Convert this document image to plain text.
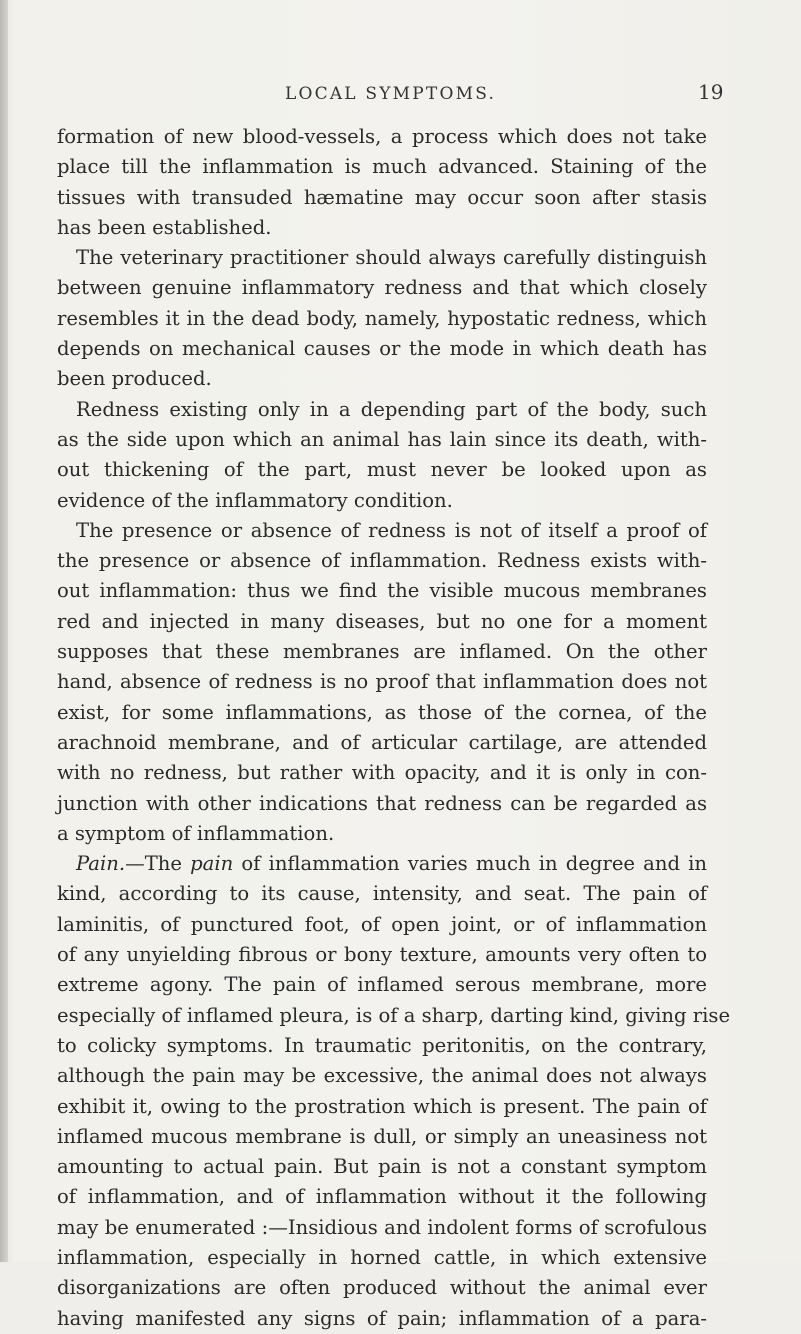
LOCAL SYMPTOMS.	19
formation of new blood-vessels, a process which does not take
place till the inflammation is much advanced. Staining of the
tissues with transuded hæmatine may occur soon after stasis
has been established.
The veterinary practitioner should always carefully distinguish
between genuine inflammatory redness and that which closely
resembles it in the dead body, namely, hypostatic redness, which
depends on mechanical causes or the mode in which death has
been produced.
Redness existing only in a depending part of the body, such
as the side upon which an animal has lain since its death, with-
out thickening of the part, must never be looked upon as
evidence of the inflammatory condition.
The presence or absence of redness is not of itself a proof of
the presence or absence of inflammation. Redness exists with-
out inflammation: thus we find the visible mucous membranes
red and injected in many diseases, but no one for a moment
supposes that these membranes are inflamed. On the other
hand, absence of redness is no proof that inflammation does not
exist, for some inflammations, as those of the cornea, of the
arachnoid membrane, and of articular cartilage, are attended
with no redness, but rather with opacity, and it is only in con-
junction with other indications that redness can be regarded as
a symptom of inflammation.
Pain.—The pain of inflammation varies much in degree and in
kind, according to its cause, intensity, and seat. The pain of
laminitis, of punctured foot, of open joint, or of inflammation
of any unyielding fibrous or bony texture, amounts very often to
extreme agony. The pain of inflamed serous membrane, more
especially of inflamed pleura, is of a sharp, darting kind, giving rise
to colicky symptoms. In traumatic peritonitis, on the contrary,
although the pain may be excessive, the animal does not always
exhibit it, owing to the prostration which is present. The pain of
inflamed mucous membrane is dull, or simply an uneasiness not
amounting to actual pain. But pain is not a constant symptom
of inflammation, and of inflammation without it the following
may be enumerated :—Insidious and indolent forms of scrofulous
inflammation, especially in horned cattle, in which extensive
disorganizations are often produced without the animal ever
having manifested any signs of pain; inflammation of a para-
